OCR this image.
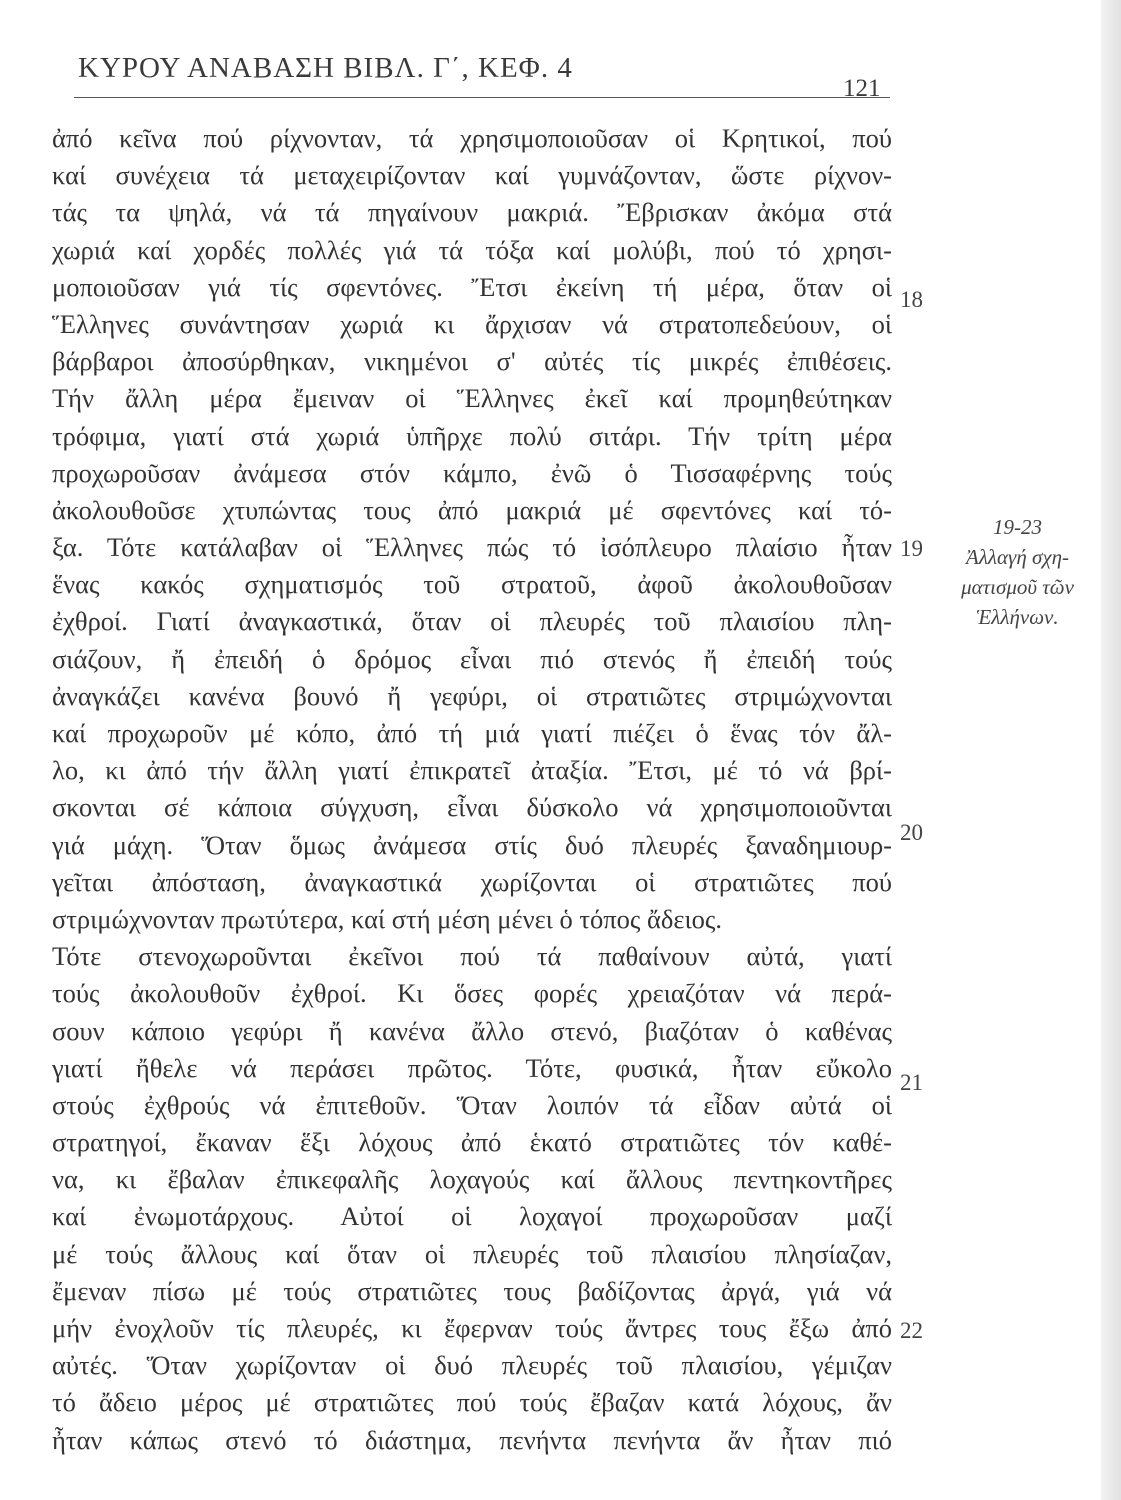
ΚΥΡΟΥ ΑΝΑΒΑΣΗ ΒΙΒΛ. Γ΄, ΚΕΦ. 4
121
ἀπό κεῖνα πού ρίχνονταν, τά χρησιμοποιοῦσαν οἱ Κρητικοί, πού
καί συνέχεια τά μεταχειρίζονταν καί γυμνάζονταν, ὥστε ρίχνον-
τάς τα ψηλά, νά τά πηγαίνουν μακριά. Ἔβρισκαν ἀκόμα στά
χωριά καί χορδές πολλές γιά τά τόξα καί μολύβι, πού τό χρησι-
μοποιοῦσαν γιά τίς σφεντόνες. Ἔτσι ἐκείνη τή μέρα, ὅταν οἱ
Ἕλληνες συνάντησαν χωριά κι ἄρχισαν νά στρατοπεδεύουν, οἱ
βάρβαροι ἀποσύρθηκαν, νικημένοι σ' αὐτές τίς μικρές ἐπιθέσεις.
Τήν ἄλλη μέρα ἔμειναν οἱ Ἕλληνες ἐκεῖ καί προμηθεύτηκαν
τρόφιμα, γιατί στά χωριά ὑπῆρχε πολύ σιτάρι. Τήν τρίτη μέρα
προχωροῦσαν ἀνάμεσα στόν κάμπο, ἐνῶ ὁ Τισσαφέρνης τούς
ἀκολουθοῦσε χτυπώντας τους ἀπό μακριά μέ σφεντόνες καί τό-
ξα. Τότε κατάλαβαν οἱ Ἕλληνες πώς τό ἰσόπλευρο πλαίσιο ἦταν
ἕνας κακός σχηματισμός τοῦ στρατοῦ, ἀφοῦ ἀκολουθοῦσαν
ἐχθροί. Γιατί ἀναγκαστικά, ὅταν οἱ πλευρές τοῦ πλαισίου πλη-
σιάζουν, ἤ ἐπειδή ὁ δρόμος εἶναι πιό στενός ἤ ἐπειδή τούς
ἀναγκάζει κανένα βουνό ἤ γεφύρι, οἱ στρατιῶτες στριμώχνονται
καί προχωροῦν μέ κόπο, ἀπό τή μιά γιατί πιέζει ὁ ἕνας τόν ἄλ-
λο, κι ἀπό τήν ἄλλη γιατί ἐπικρατεῖ ἀταξία. Ἔτσι, μέ τό νά βρί-
σκονται σέ κάποια σύγχυση, εἶναι δύσκολο νά χρησιμοποιοῦνται
γιά μάχη. Ὅταν ὅμως ἀνάμεσα στίς δυό πλευρές ξαναδημιουρ-
γεῖται ἀπόσταση, ἀναγκαστικά χωρίζονται οἱ στρατιῶτες πού
στριμώχνονταν πρωτύτερα, καί στή μέση μένει ὁ τόπος ἄδειος.
Τότε στενοχωροῦνται ἐκεῖνοι πού τά παθαίνουν αὐτά, γιατί
τούς ἀκολουθοῦν ἐχθροί. Κι ὅσες φορές χρειαζόταν νά περά-
σουν κάποιο γεφύρι ἤ κανένα ἄλλο στενό, βιαζόταν ὁ καθένας
γιατί ἤθελε νά περάσει πρῶτος. Τότε, φυσικά, ἦταν εὔκολο
στούς ἐχθρούς νά ἐπιτεθοῦν. Ὅταν λοιπόν τά εἶδαν αὐτά οἱ
στρατηγοί, ἔκαναν ἕξι λόχους ἀπό ἑκατό στρατιῶτες τόν καθέ-
να, κι ἔβαλαν ἐπικεφαλῆς λοχαγούς καί ἄλλους πεντηκοντῆρες
καί ἐνωμοτάρχους. Αὐτοί οἱ λοχαγοί προχωροῦσαν μαζί
μέ τούς ἄλλους καί ὅταν οἱ πλευρές τοῦ πλαισίου πλησίαζαν,
ἔμεναν πίσω μέ τούς στρατιῶτες τους βαδίζοντας ἀργά, γιά νά
μήν ἐνοχλοῦν τίς πλευρές, κι ἔφερναν τούς ἄντρες τους ἔξω ἀπό
αὐτές. Ὅταν χωρίζονταν οἱ δυό πλευρές τοῦ πλαισίου, γέμιζαν
τό ἄδειο μέρος μέ στρατιῶτες πού τούς ἔβαζαν κατά λόχους, ἄν
ἦταν κάπως στενό τό διάστημα, πενήντα πενήντα ἄν ἦταν πιό
18
19
20
21
22
19-23
Ἀλλαγή σχη-
ματισμοῦ τῶν
Ἑλλήνων.
